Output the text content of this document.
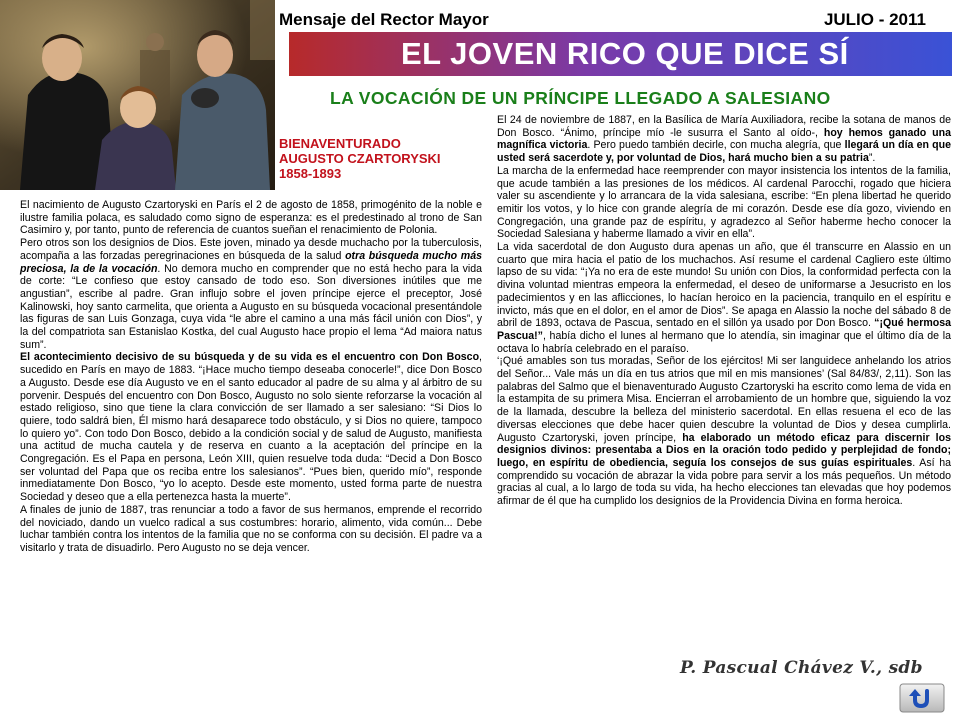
Mensaje del Rector Mayor	JULIO - 2011
EL JOVEN RICO QUE DICE SÍ
LA VOCACIÓN DE UN PRÍNCIPE LLEGADO A SALESIANO
BIENAVENTURADO
AUGUSTO CZARTORYSKI
1858-1893

El nacimiento de Augusto Czartoryski en París el 2 de agosto de 1858, primogénito de la noble e ilustre familia polaca, es saludado como signo de esperanza: es el predestinado al trono de San Casimiro y, por tanto, punto de referencia de cuantos sueñan el renacimiento de Polonia.

Pero otros son los designios de Dios. Este joven, minado ya desde muchacho por la tuberculosis, acompaña a las forzadas peregrinaciones en búsqueda de la salud otra búsqueda mucho más preciosa, la de la vocación. No demora mucho en comprender que no está hecho para la vida de corte: “Le confieso que estoy cansado de todo eso. Son diversiones inútiles que me angustian”, escribe al padre. Gran influjo sobre el joven príncipe ejerce el preceptor, José Kalinowski, hoy santo carmelita, que orienta a Augusto en su búsqueda vocacional presentándole las figuras de san Luis Gonzaga, cuya vida “le abre el camino a una más fácil unión con Dios”, y la del compatriota san Estanislao Kostka, del cual Augusto hace propio el lema “Ad maiora natus sum”.

El acontecimiento decisivo de su búsqueda y de su vida es el encuentro con Don Bosco, sucedido en París en mayo de 1883. “¡Hace mucho tiempo deseaba conocerle!”, dice Don Bosco a Augusto. Desde ese día Augusto ve en el santo educador al padre de su alma y al árbitro de su porvenir. Después del encuentro con Don Bosco, Augusto no solo siente reforzarse la vocación al estado religioso, sino que tiene la clara convicción de ser llamado a ser salesiano: “Si Dios lo quiere, todo saldrá bien, Él mismo hará desaparece todo obstáculo, y si Dios no quiere, tampoco lo quiero yo”. Con todo Don Bosco, debido a la condición social y de salud de Augusto, manifiesta una actitud de mucha cautela y de reserva en cuanto a la aceptación del príncipe en la Congregación. Es el Papa en persona, León XIII, quien resuelve toda duda: “Decid a Don Bosco ser voluntad del Papa que os reciba entre los salesianos”. “Pues bien, querido mío”, responde inmediatamente Don Bosco, “yo lo acepto. Desde este momento, usted forma parte de nuestra Sociedad y deseo que a ella pertenezca hasta la muerte”.

A finales de junio de 1887, tras renunciar a todo a favor de sus hermanos, emprende el recorrido del noviciado, dando un vuelco radical a sus costumbres: horario, alimento, vida común... Debe luchar también contra los intentos de la familia que no se conforma con su decisión. El padre va a visitarlo y trata de disuadirlo. Pero Augusto no se deja vencer.

El 24 de noviembre de 1887, en la Basílica de María Auxiliadora, recibe la sotana de manos de Don Bosco. “Ánimo, príncipe mío -le susurra el Santo al oído-, hoy hemos ganado una magnífica victoria. Pero puedo también decirle, con mucha alegría, que llegará un día en que usted será sacerdote y, por voluntad de Dios, hará mucho bien a su patria”.

La marcha de la enfermedad hace reemprender con mayor insistencia los intentos de la familia, que acude también a las presiones de los médicos. Al cardenal Parocchi, rogado que hiciera valer su ascendiente y lo arrancara de la vida salesiana, escribe: “En plena libertad he querido emitir los votos, y lo hice con grande alegría de mi corazón. Desde ese día gozo, viviendo en Congregación, una grande paz de espíritu, y agradezco al Señor haberme hecho conocer la Sociedad Salesiana y haberme llamado a vivir en ella”.

La vida sacerdotal de don Augusto dura apenas un año, que él transcurre en Alassio en un cuarto que mira hacia el patio de los muchachos. Así resume el cardenal Cagliero este último lapso de su vida: “¡Ya no era de este mundo! Su unión con Dios, la conformidad perfecta con la divina voluntad mientras empeora la enfermedad, el deseo de uniformarse a Jesucristo en los padecimientos y en las aflicciones, lo hacían heroico en la paciencia, tranquilo en el espíritu e invicto, más que en el dolor, en el amor de Dios”. Se apaga en Alassio la noche del sábado 8 de abril de 1893, octava de Pascua, sentado en el sillón ya usado por Don Bosco. “¡Qué hermosa Pascua!”, había dicho el lunes al hermano que lo atendía, sin imaginar que el último día de la octava lo habría celebrado en el paraíso.

‘¡Qué amables son tus moradas, Señor de los ejércitos! Mi ser languidece anhelando los atrios del Señor... Vale más un día en tus atrios que mil en mis mansiones’ (Sal 84/83/, 2,11). Son las palabras del Salmo que el bienaventurado Augusto Czartoryski ha escrito como lema de vida en la estampita de su primera Misa. Encierran el arrobamiento de un hombre que, siguiendo la voz de la llamada, descubre la belleza del ministerio sacerdotal. En ellas resuena el eco de las diversas elecciones que debe hacer quien descubre la voluntad de Dios y desea cumplirla. Augusto Czartoryski, joven príncipe, ha elaborado un método eficaz para discernir los designios divinos: presentaba a Dios en la oración todo pedido y perplejidad de fondo; luego, en espíritu de obediencia, seguía los consejos de sus guías espirituales. Así ha comprendido su vocación de abrazar la vida pobre para servir a los más pequeños. Un método gracias al cual, a lo largo de toda su vida, ha hecho elecciones tan elevadas que hoy podemos afirmar de él que ha cumplido los designios de la Providencia Divina en forma heroica.

P. Pascual Chávez V., sdb
